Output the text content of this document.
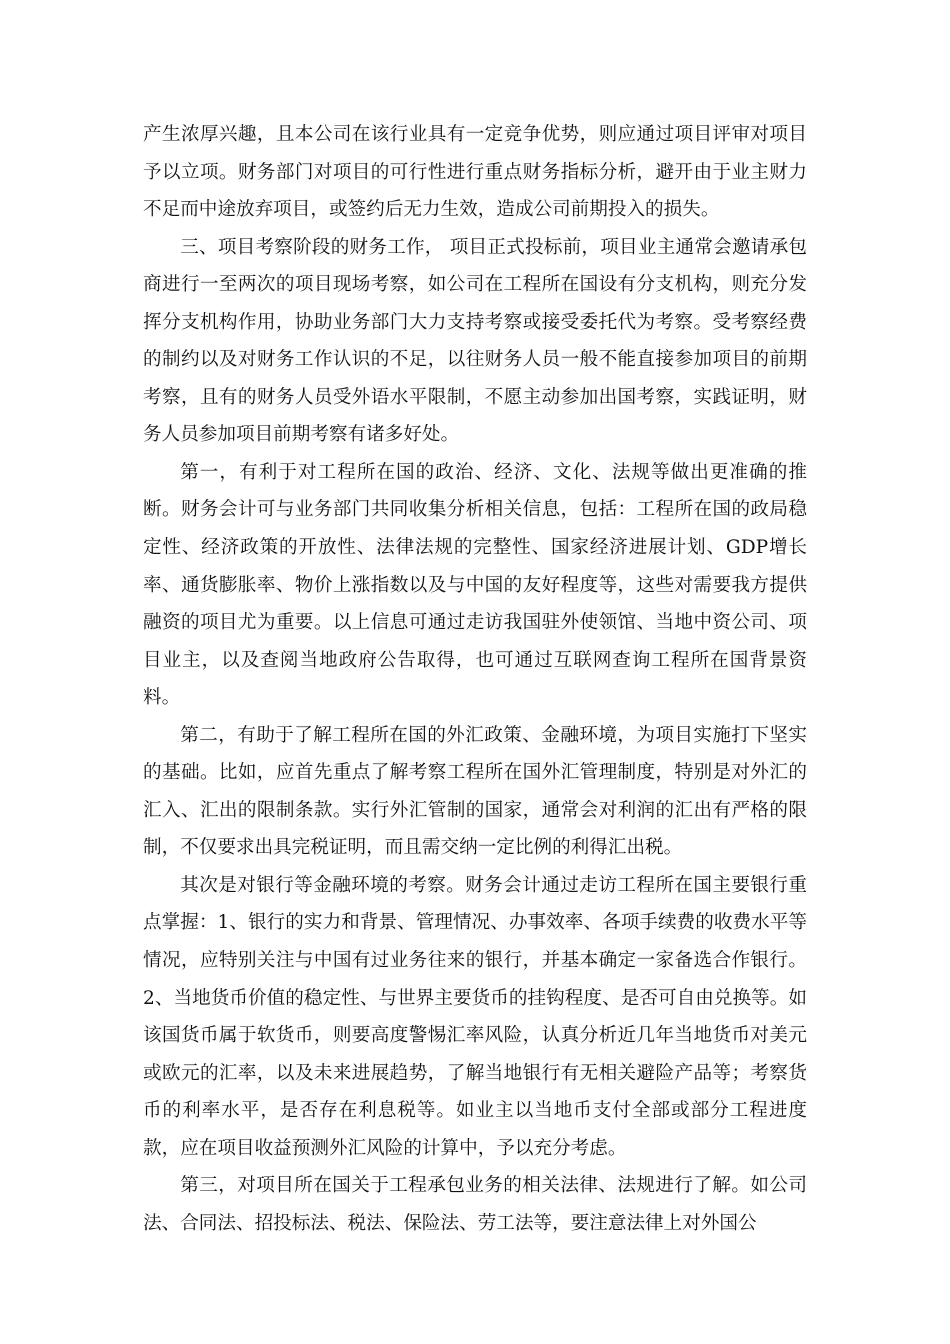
产生浓厚兴趣，且本公司在该行业具有一定竞争优势，则应通过项目评审对项目予以立项。财务部门对项目的可行性进行重点财务指标分析，避开由于业主财力不足而中途放弃项目，或签约后无力生效，造成公司前期投入的损失。

三、项目考察阶段的财务工作， 项目正式投标前，项目业主通常会邀请承包商进行一至两次的项目现场考察，如公司在工程所在国设有分支机构，则充分发挥分支机构作用，协助业务部门大力支持考察或接受委托代为考察。受考察经费的制约以及对财务工作认识的不足，以往财务人员一般不能直接参加项目的前期考察，且有的财务人员受外语水平限制，不愿主动参加出国考察，实践证明，财务人员参加项目前期考察有诸多好处。

第一，有利于对工程所在国的政治、经济、文化、法规等做出更准确的推断。财务会计可与业务部门共同收集分析相关信息，包括：工程所在国的政局稳定性、经济政策的开放性、法律法规的完整性、国家经济进展计划、GDP增长率、通货膨胀率、物价上涨指数以及与中国的友好程度等，这些对需要我方提供融资的项目尤为重要。以上信息可通过走访我国驻外使领馆、当地中资公司、项目业主，以及查阅当地政府公告取得，也可通过互联网查询工程所在国背景资料。

第二，有助于了解工程所在国的外汇政策、金融环境，为项目实施打下坚实的基础。比如，应首先重点了解考察工程所在国外汇管理制度，特别是对外汇的汇入、汇出的限制条款。实行外汇管制的国家，通常会对利润的汇出有严格的限制，不仅要求出具完税证明，而且需交纳一定比例的利得汇出税。

其次是对银行等金融环境的考察。财务会计通过走访工程所在国主要银行重点掌握：1、银行的实力和背景、管理情况、办事效率、各项手续费的收费水平等情况，应特别关注与中国有过业务往来的银行，并基本确定一家备选合作银行。2、当地货币价值的稳定性、与世界主要货币的挂钩程度、是否可自由兑换等。如该国货币属于软货币，则要高度警惕汇率风险，认真分析近几年当地货币对美元或欧元的汇率，以及未来进展趋势，了解当地银行有无相关避险产品等；考察货币的利率水平，是否存在利息税等。如业主以当地币支付全部或部分工程进度款，应在项目收益预测外汇风险的计算中，予以充分考虑。

第三，对项目所在国关于工程承包业务的相关法律、法规进行了解。如公司法、合同法、招投标法、税法、保险法、劳工法等，要注意法律上对外国公
